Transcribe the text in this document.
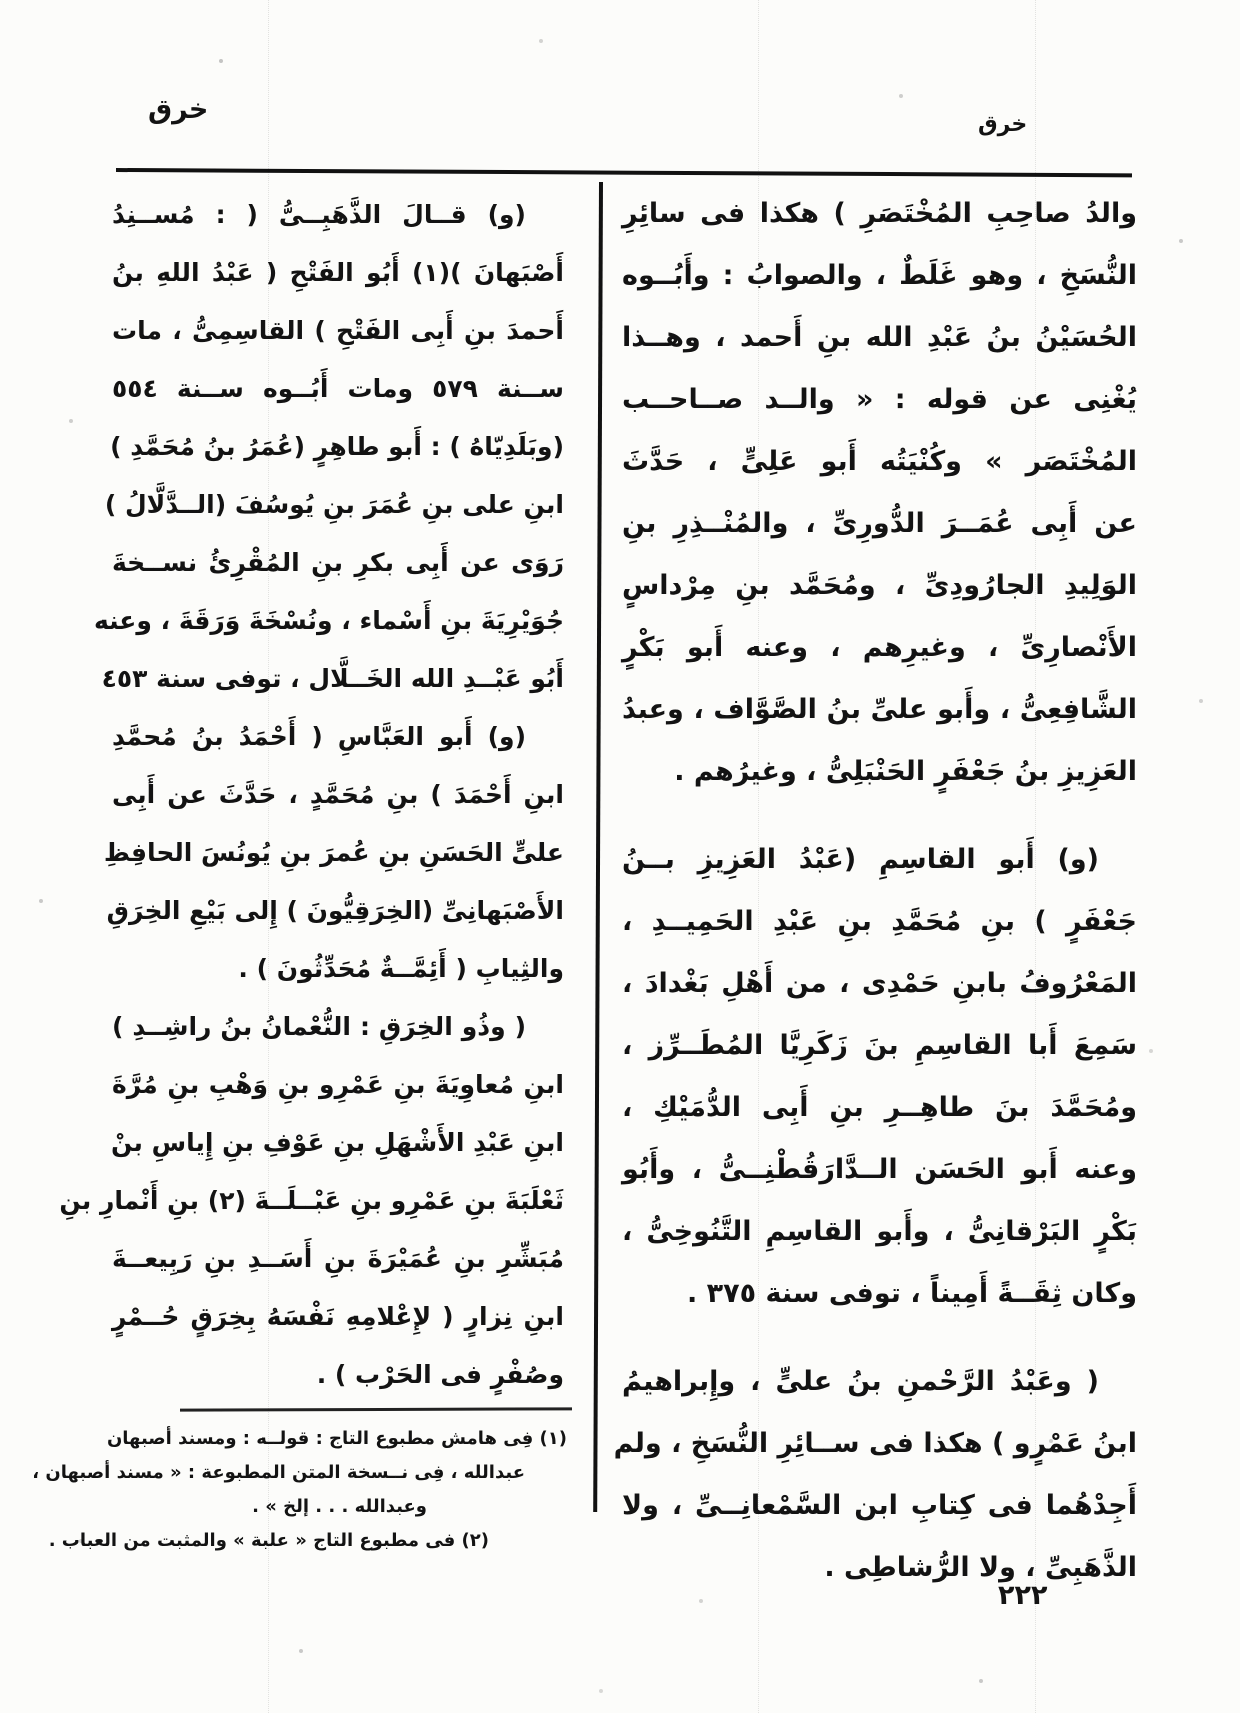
خرق	خرق
والدُ صاحِبِ المُخْتَصَرِ ) هكذا فى سائِرِ
النُّسَخِ ، وهو غَلَطٌ ، والصوابُ : وأَبُــوه
الحُسَيْنُ بنُ عَبْدِ الله بنِ أَحمد ، وهــذا
يُغْنِى عن قوله : « والــد صــاحــب
المُخْتَصَر » وكُنْيَتُه أَبو عَلِىٍّ ، حَدَّثَ
عن أَبِى عُمَــرَ الدُّورِىِّ ، والمُنْــذِرِ بنِ
الوَلِيدِ الجارُودِىِّ ، ومُحَمَّد بنِ مِرْداسٍ
الأَنْصارِىِّ ، وغيرِهم ، وعنه أَبو بَكْرٍ
الشَّافِعِىُّ ، وأَبو علىِّ بنُ الصَّوَّاف ، وعبدُ
العَزِيزِ بنُ جَعْفَرٍ الحَنْبَلِىُّ ، وغيرُهم .
(و) أَبو القاسِمِ (عَبْدُ العَزِيزِ بــنُ
جَعْفَرٍ ) بنِ مُحَمَّدِ بنِ عَبْدِ الحَمِيــدِ ،
المَعْرُوفُ بابنِ حَمْدِى ، من أَهْلِ بَغْدادَ ،
سَمِعَ أَبا القاسِمِ بنَ زَكَرِيَّا المُطَــرِّز ،
ومُحَمَّدَ بنَ طاهِــرِ بنِ أَبِى الدُّمَيْكِ ،
وعنه أَبو الحَسَن الــدَّارَقُطْنِــىُّ ، وأَبُو
بَكْرٍ البَرْقانِىُّ ، وأَبو القاسِمِ التَّنُوخِىُّ ،
وكان ثِقَــةً أَمِيناً ، توفى سنة ٣٧٥ .
( وعَبْدُ الرَّحْمنِ بنُ علىٍّ ، وإِبراهيمُ
ابنُ عَمْرٍو ) هكذا فى ســائِرِ النُّسَخِ ، ولم
أَجِدْهُما فى كِتابِ ابن السَّمْعانِــىِّ ، ولا
الذَّهَبِىِّ ، ولا الرُّشاطِى .
(و) قــالَ الذَّهَبِــىُّ ( : مُســنِدُ
أَصْبَهانَ )(١) أَبُو الفَتْحِ ( عَبْدُ اللهِ بنُ
أَحمدَ بنِ أَبِى الفَتْحِ ) القاسِمِىُّ ، مات
ســنة ٥٧٩ ومات أَبُــوه ســنة ٥٥٤
(وبَلَدِيّاهُ ) : أَبو طاهِرٍ (عُمَرُ بنُ مُحَمَّدِ )
ابنِ على بنِ عُمَرَ بنِ يُوسُفَ (الــدَّلَّالُ )
رَوَى عن أَبِى بكرِ بنِ المُقْرِئُ نســخةَ
جُوَيْرِيَةَ بنِ أَسْماء ، ونُسْخَةَ وَرَقَةَ ، وعنه
أَبُو عَبْــدِ الله الخَــلَّال ، توفى سنة ٤٥٣
(و) أَبو العَبَّاسِ ( أَحْمَدُ بنُ مُحمَّدِ
ابنِ أَحْمَدَ ) بنِ مُحَمَّدٍ ، حَدَّثَ عن أَبِى
علىٍّ الحَسَنِ بنِ عُمرَ بنِ يُونُسَ الحافِظِ
الأَصْبَهانِىِّ (الخِرَقِيُّونَ ) إِلى بَيْعِ الخِرَقِ
والثِيابِ ( أَئِمَّــةٌ مُحَدِّثُونَ ) .
( وذُو الخِرَقِ : النُّعْمانُ بنُ راشِــدِ )
ابنِ مُعاوِيَةَ بنِ عَمْرِو بنِ وَهْبِ بنِ مُرَّةَ
ابنِ عَبْدِ الأَشْهَلِ بنِ عَوْفِ بنِ إِياسِ بنْ
ثَعْلَبَةَ بنِ عَمْرِو بنِ عَبْــلَــةَ (٢) بنِ أَنْمارِ بنِ
مُبَشِّرِ بنِ عُمَيْرَةَ بنِ أَسَــدِ بنِ رَبِيعــةَ
ابنِ نِزارٍ ( لإِعْلامِهِ نَفْسَهُ بِخِرَقٍ حُــمْرٍ
وصُفْرٍ فى الحَرْب ) .
(١) فِى هامش مطبوع التاج : قولــه : ومسند أصبهان
عبدالله ، فِى نــسخة المتن المطبوعة : « مسند أصبهان ،
وعبدالله . . . إلخ » .
(٢) فى مطبوع التاج « علبة » والمثبت من العباب .
٢٢٢
